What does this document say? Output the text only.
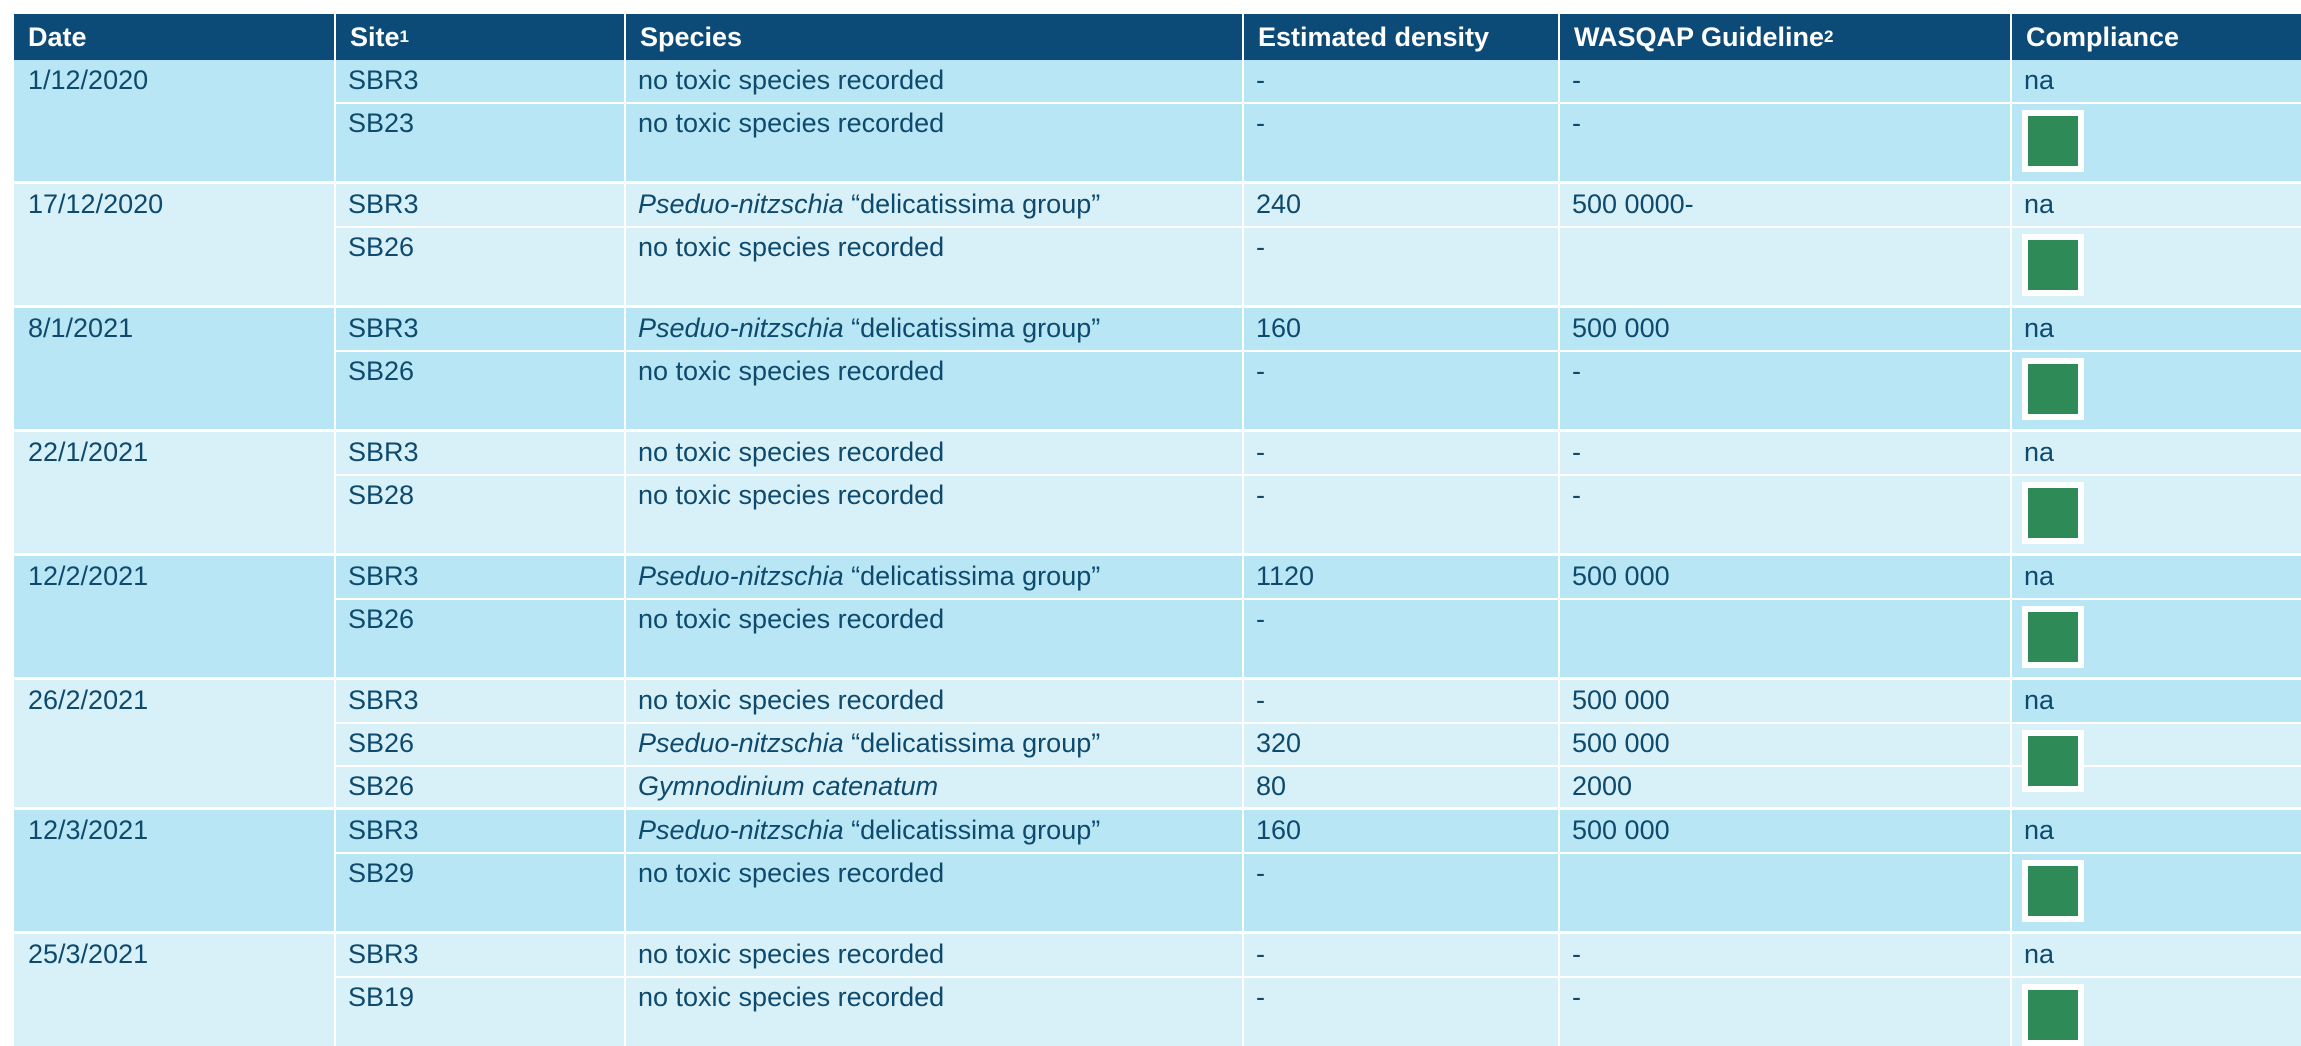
Date	Site$^1$	Species	Estimated density	WASQAP Guideline$^2$	Compliance
1/12/2020	SBR3	no toxic species recorded	-	-	na
SB23	no toxic species recorded	-	-
17/12/2020	SBR3	Pseduo-nitzschia “delicatissima group”	240	500 0000-	na
SB26	no toxic species recorded	-
8/1/2021	SBR3	Pseduo-nitzschia “delicatissima group”	160	500 000	na
SB26	no toxic species recorded	-	-
22/1/2021	SBR3	no toxic species recorded	-	-	na
SB28	no toxic species recorded	-	-
12/2/2021	SBR3	Pseduo-nitzschia “delicatissima group”	1120	500 000	na
SB26	no toxic species recorded	-
26/2/2021	SBR3	no toxic species recorded	-	500 000	na
SB26	Pseduo-nitzschia “delicatissima group”	320	500 000
SB26	Gymnodinium catenatum	80	2000
12/3/2021	SBR3	Pseduo-nitzschia “delicatissima group”	160	500 000	na
SB29	no toxic species recorded	-
25/3/2021	SBR3	no toxic species recorded	-	-	na
SB19	no toxic species recorded	-	-
